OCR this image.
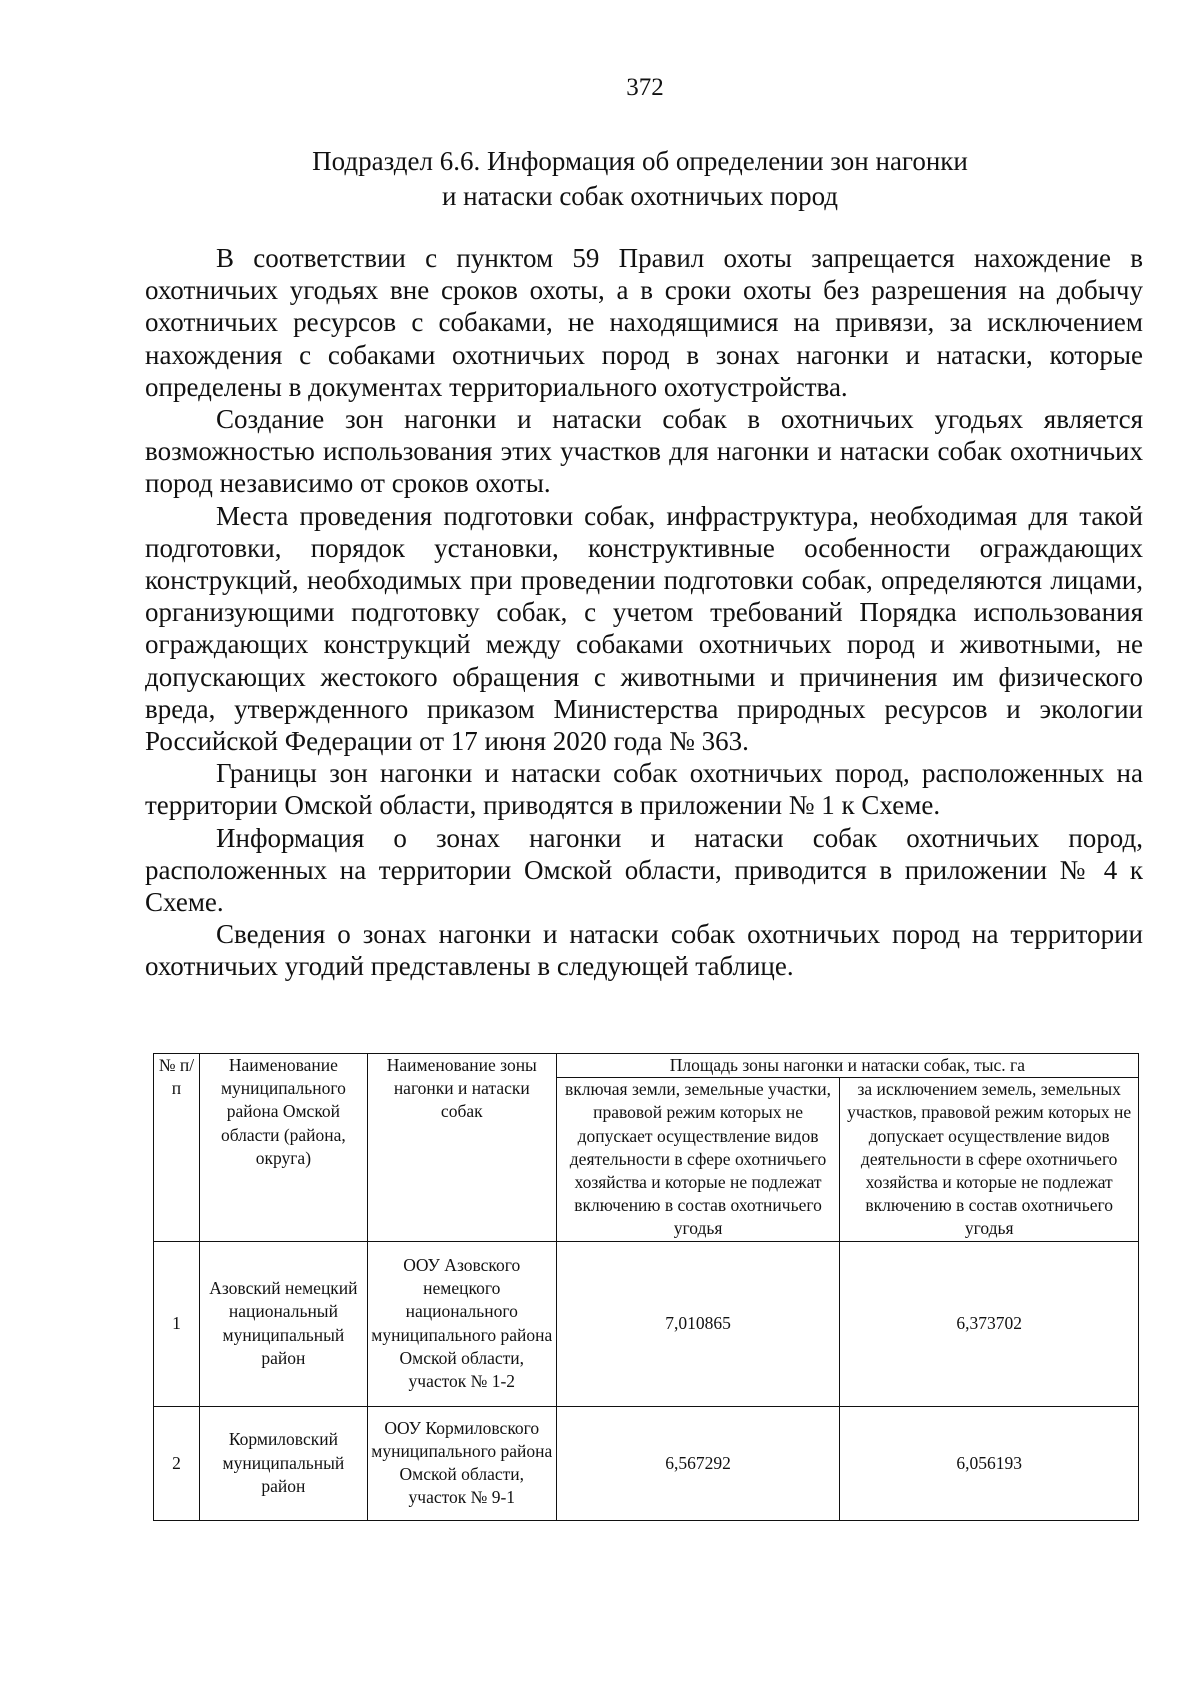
372
Подраздел 6.6. Информация об определении зон нагонки
и натаски собак охотничьих пород

В соответствии с пунктом 59 Правил охоты запрещается нахождение в охотничьих угодьях вне сроков охоты, а в сроки охоты без разрешения на добычу охотничьих ресурсов с собаками, не находящимися на привязи, за исключением нахождения с собаками охотничьих пород в зонах нагонки и натаски, которые определены в документах территориального охотустройства.

Создание зон нагонки и натаски собак в охотничьих угодьях является возможностью использования этих участков для нагонки и натаски собак охотничьих пород независимо от сроков охоты.

Места проведения подготовки собак, инфраструктура, необходимая для такой подготовки, порядок установки, конструктивные особенности ограждающих конструкций, необходимых при проведении подготовки собак, определяются лицами, организующими подготовку собак, с учетом требований Порядка использования ограждающих конструкций между собаками охотничьих пород и животными, не допускающих жестокого обращения с животными и причинения им физического вреда, утвержденного приказом Министерства природных ресурсов и экологии Российской Федерации от 17 июня 2020 года № 363.

Границы зон нагонки и натаски собак охотничьих пород, расположенных на территории Омской области, приводятся в приложении № 1 к Схеме.

Информация о зонах нагонки и натаски собак охотничьих пород, расположенных на территории Омской области, приводится в приложении № 4 к Схеме.

Сведения о зонах нагонки и натаски собак охотничьих пород на территории охотничьих угодий представлены в следующей таблице.

№ п/п	Наименование муниципального района Омской области (района, округа)	Наименование зоны нагонки и натаски собак	Площадь зоны нагонки и натаски собак, тыс. га	
			включая земли, земельные участки, правовой режим которых не допускает осуществление видов деятельности в сфере охотничьего хозяйства и которые не подлежат включению в состав охотничьего угодья	за исключением земель, земельных участков, правовой режим которых не допускает осуществление видов деятельности в сфере охотничьего хозяйства и которые не подлежат включению в состав охотничьего угодья
1	Азовский немецкий национальный муниципальный район	ООУ Азовского немецкого национального муниципального района Омской области, участок № 1-2	7,010865	6,373702
2	Кормиловский муниципальный район	ООУ Кормиловского муниципального района Омской области, участок № 9-1	6,567292	6,056193
